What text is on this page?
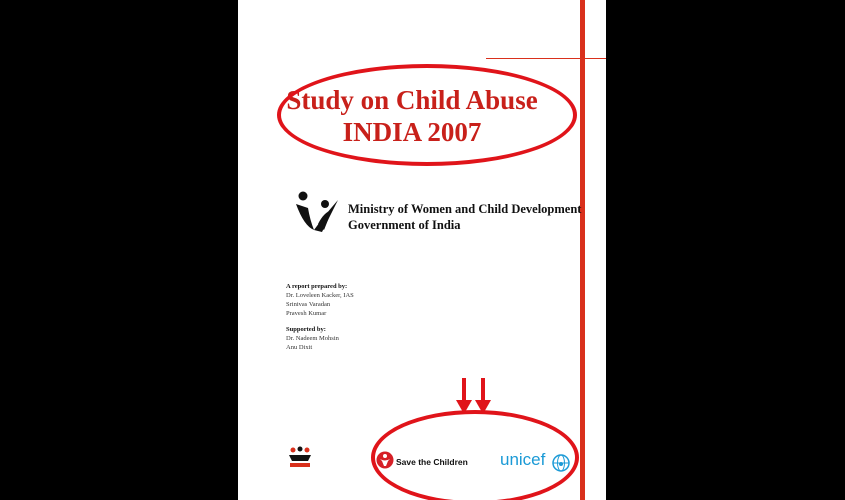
Study on Child Abuse
INDIA 2007
Ministry of Women and Child Development
Government of India
A report prepared by:
Dr. Loveleen Kacker, IAS
Srinivas Varadan
Pravesh Kumar
Supported by:
Dr. Nadeem Mohsin
Anu Dixit
Save the Children unicef
